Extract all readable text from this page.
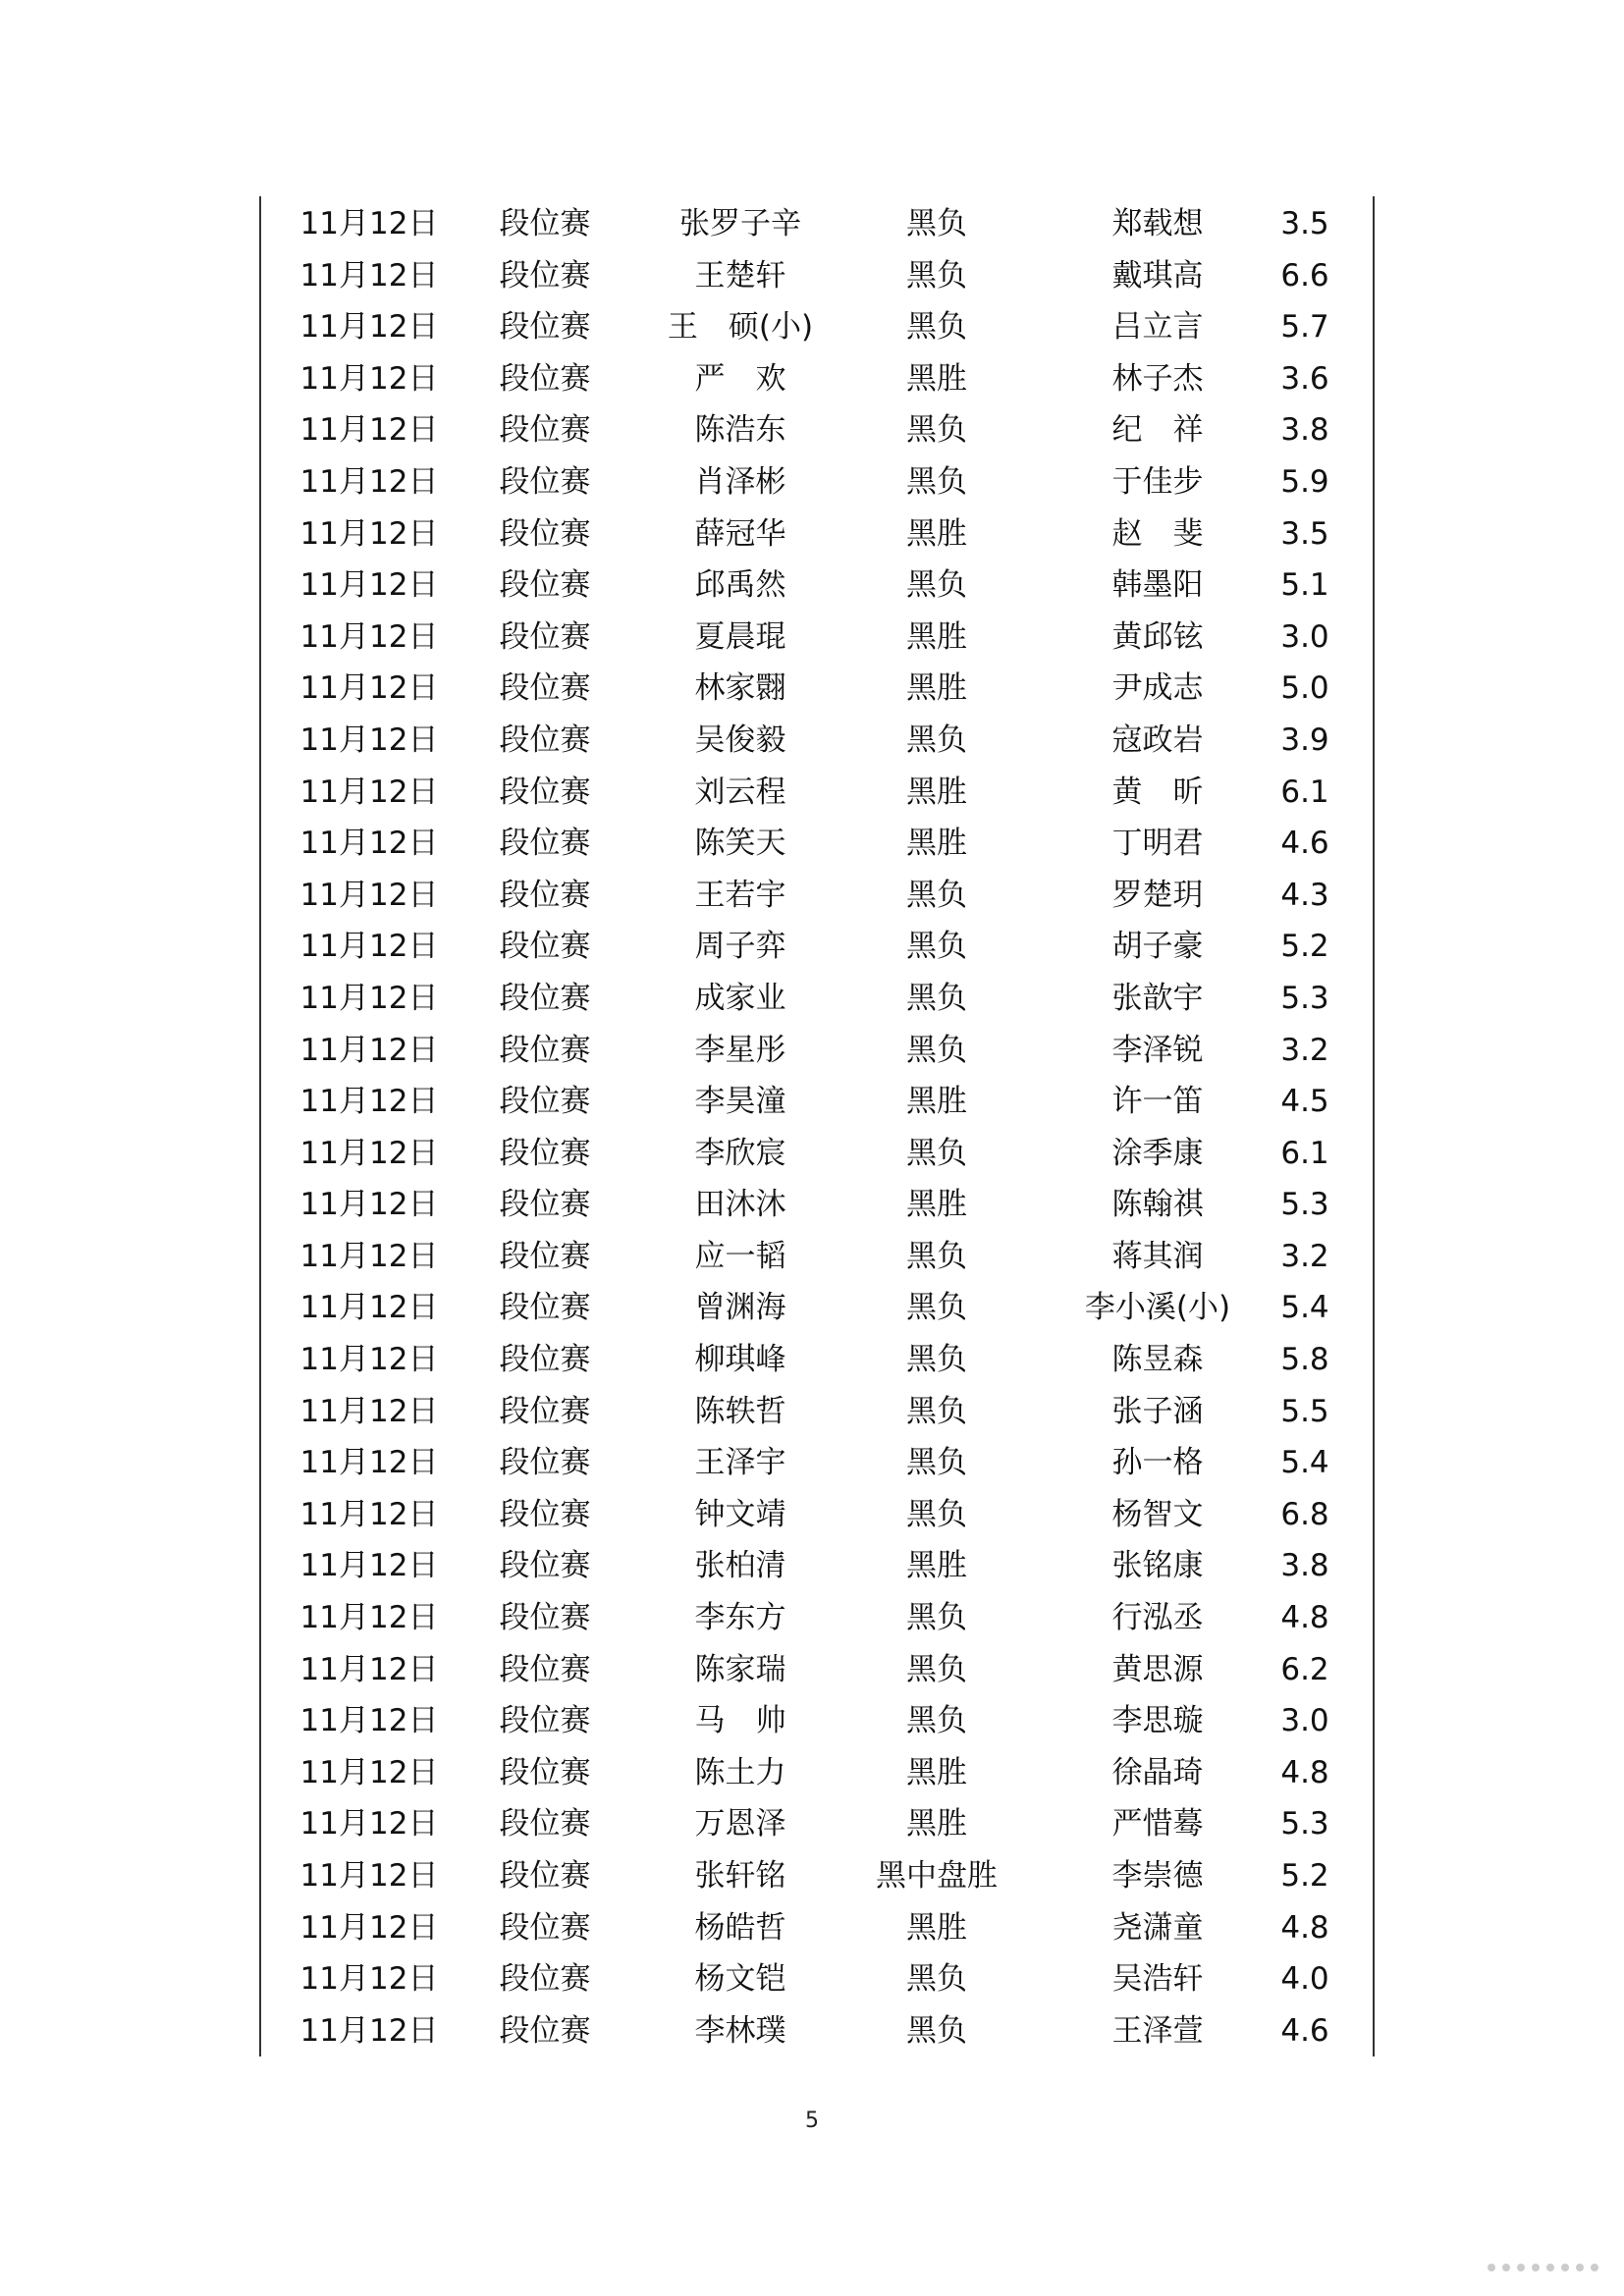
11月12日	段位赛	张罗子辛	黑负	郑载想	3.5
11月12日	段位赛	王楚轩	黑负	戴琪高	6.6
11月12日	段位赛	王　硕(小)	黑负	吕立言	5.7
11月12日	段位赛	严　欢	黑胜	林子杰	3.6
11月12日	段位赛	陈浩东	黑负	纪　祥	3.8
11月12日	段位赛	肖泽彬	黑负	于佳步	5.9
11月12日	段位赛	薛冠华	黑胜	赵　斐	3.5
11月12日	段位赛	邱禹然	黑负	韩墨阳	5.1
11月12日	段位赛	夏晨琨	黑胜	黄邱铉	3.0
11月12日	段位赛	林家翾	黑胜	尹成志	5.0
11月12日	段位赛	吴俊毅	黑负	寇政岩	3.9
11月12日	段位赛	刘云程	黑胜	黄　昕	6.1
11月12日	段位赛	陈笑天	黑胜	丁明君	4.6
11月12日	段位赛	王若宇	黑负	罗楚玥	4.3
11月12日	段位赛	周子弈	黑负	胡子豪	5.2
11月12日	段位赛	成家业	黑负	张歆宇	5.3
11月12日	段位赛	李星彤	黑负	李泽锐	3.2
11月12日	段位赛	李昊潼	黑胜	许一笛	4.5
11月12日	段位赛	李欣宸	黑负	涂季康	6.1
11月12日	段位赛	田沐沐	黑胜	陈翰祺	5.3
11月12日	段位赛	应一韬	黑负	蒋其润	3.2
11月12日	段位赛	曾渊海	黑负	李小溪(小)	5.4
11月12日	段位赛	柳琪峰	黑负	陈昱森	5.8
11月12日	段位赛	陈轶哲	黑负	张子涵	5.5
11月12日	段位赛	王泽宇	黑负	孙一格	5.4
11月12日	段位赛	钟文靖	黑负	杨智文	6.8
11月12日	段位赛	张柏清	黑胜	张铭康	3.8
11月12日	段位赛	李东方	黑负	行泓丞	4.8
11月12日	段位赛	陈家瑞	黑负	黄思源	6.2
11月12日	段位赛	马　帅	黑负	李思璇	3.0
11月12日	段位赛	陈土力	黑胜	徐晶琦	4.8
11月12日	段位赛	万恩泽	黑胜	严惜蓦	5.3
11月12日	段位赛	张轩铭	黑中盘胜	李崇德	5.2
11月12日	段位赛	杨皓哲	黑胜	尧潇童	4.8
11月12日	段位赛	杨文铠	黑负	吴浩轩	4.0
11月12日	段位赛	李林璞	黑负	王泽萱	4.6
5
